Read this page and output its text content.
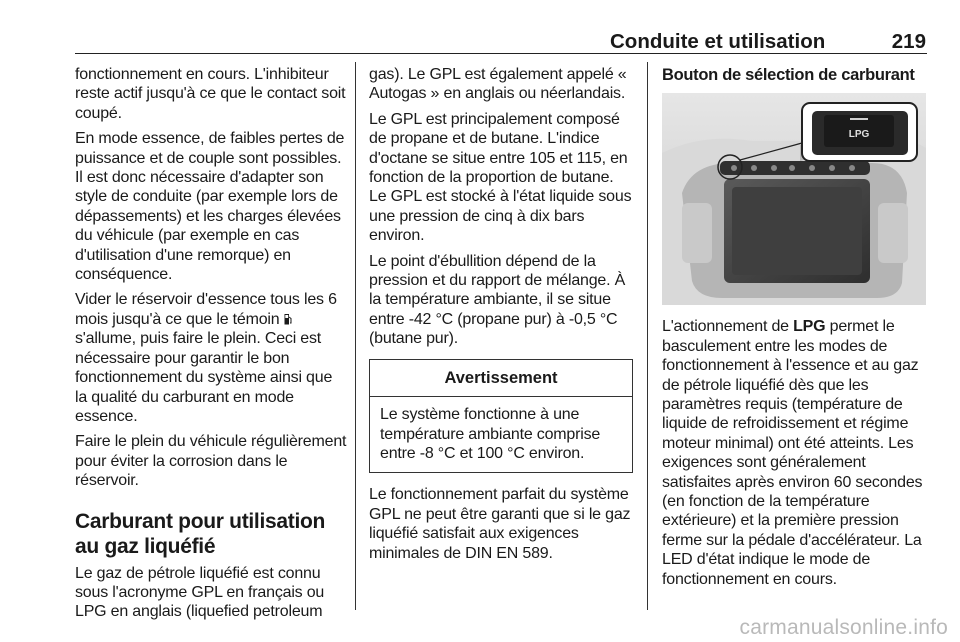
Conduite et utilisation	219

fonctionnement en cours. L'inhibiteur reste actif jusqu'à ce que le contact soit coupé.

En mode essence, de faibles pertes de puissance et de couple sont possibles. Il est donc nécessaire d'adapter son style de conduite (par exemple lors de dépassements) et les charges élevées du véhicule (par exemple en cas d'utilisation d'une remorque) en conséquence.

Vider le réservoir d'essence tous les 6 mois jusqu'à ce que le témoin  s'allume, puis faire le plein. Ceci est nécessaire pour garantir le bon fonctionnement du système ainsi que la qualité du carburant en mode essence.

Faire le plein du véhicule régulièrement pour éviter la corrosion dans le réservoir.

Carburant pour utilisation au gaz liquéfié

Le gaz de pétrole liquéfié est connu sous l'acronyme GPL en français ou LPG en anglais (liquefied petroleum

gas). Le GPL est également appelé « Autogas » en anglais ou néerlandais.

Le GPL est principalement composé de propane et de butane. L'indice d'octane se situe entre 105 et 115, en fonction de la proportion de butane. Le GPL est stocké à l'état liquide sous une pression de cinq à dix bars environ.

Le point d'ébullition dépend de la pression et du rapport de mélange. À la température ambiante, il se situe entre -42 °C (propane pur) à -0,5 °C (butane pur).

Avertissement
Le système fonctionne à une température ambiante comprise entre -8 °C et 100 °C environ.

Le fonctionnement parfait du système GPL ne peut être garanti que si le gaz liquéfié satisfait aux exigences minimales de DIN EN 589.

Bouton de sélection de carburant
LPG

L'actionnement de LPG permet le basculement entre les modes de fonctionnement à l'essence et au gaz de pétrole liquéfié dès que les paramètres requis (température de liquide de refroidissement et régime moteur minimal) ont été atteints. Les exigences sont généralement satisfaites après environ 60 secondes (en fonction de la température extérieure) et la première pression ferme sur la pédale d'accélérateur. La LED d'état indique le mode de fonctionnement en cours.

carmanualsonline.info
